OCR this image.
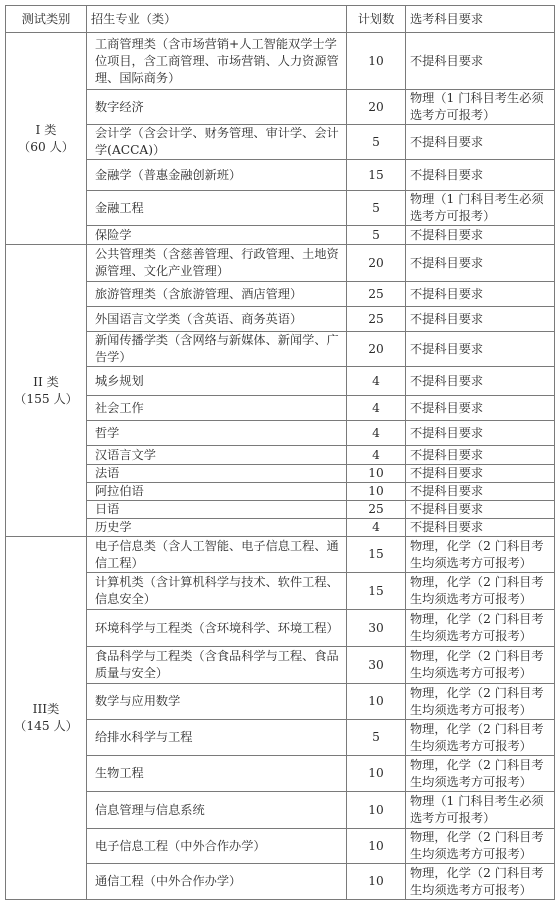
测试类别	招生专业（类）	计划数	选考科目要求

I 类
（60 人）	工商管理类（含市场营销+人工智能双学士学位项目，含工商管理、市场营销、人力资源管理、国际商务）	10	不提科目要求
	数字经济	20	物理（1 门科目考生必须选考方可报考）
	会计学（含会计学、财务管理、审计学、会计学(ACCA)）	5	不提科目要求
	金融学（普惠金融创新班）	15	不提科目要求
	金融工程	5	物理（1 门科目考生必须选考方可报考）
	保险学	5	不提科目要求

II 类
（155 人）	公共管理类（含慈善管理、行政管理、土地资源管理、文化产业管理）	20	不提科目要求
	旅游管理类（含旅游管理、酒店管理）	25	不提科目要求
	外国语言文学类（含英语、商务英语）	25	不提科目要求
	新闻传播学类（含网络与新媒体、新闻学、广告学）	20	不提科目要求
	城乡规划	4	不提科目要求
	社会工作	4	不提科目要求
	哲学	4	不提科目要求
	汉语言文学	4	不提科目要求
	法语	10	不提科目要求
	阿拉伯语	10	不提科目要求
	日语	25	不提科目要求
	历史学	4	不提科目要求

III类
（145 人）	电子信息类（含人工智能、电子信息工程、通信工程）	15	物理，化学（2 门科目考生均须选考方可报考）
	计算机类（含计算机科学与技术、软件工程、信息安全）	15	物理，化学（2 门科目考生均须选考方可报考）
	环境科学与工程类（含环境科学、环境工程）	30	物理，化学（2 门科目考生均须选考方可报考）
	食品科学与工程类（含食品科学与工程、食品质量与安全）	30	物理，化学（2 门科目考生均须选考方可报考）
	数学与应用数学	10	物理，化学（2 门科目考生均须选考方可报考）
	给排水科学与工程	5	物理，化学（2 门科目考生均须选考方可报考）
	生物工程	10	物理，化学（2 门科目考生均须选考方可报考）
	信息管理与信息系统	10	物理（1 门科目考生必须选考方可报考）
	电子信息工程（中外合作办学）	10	物理，化学（2 门科目考生均须选考方可报考）
	通信工程（中外合作办学）	10	物理，化学（2 门科目考生均须选考方可报考）
